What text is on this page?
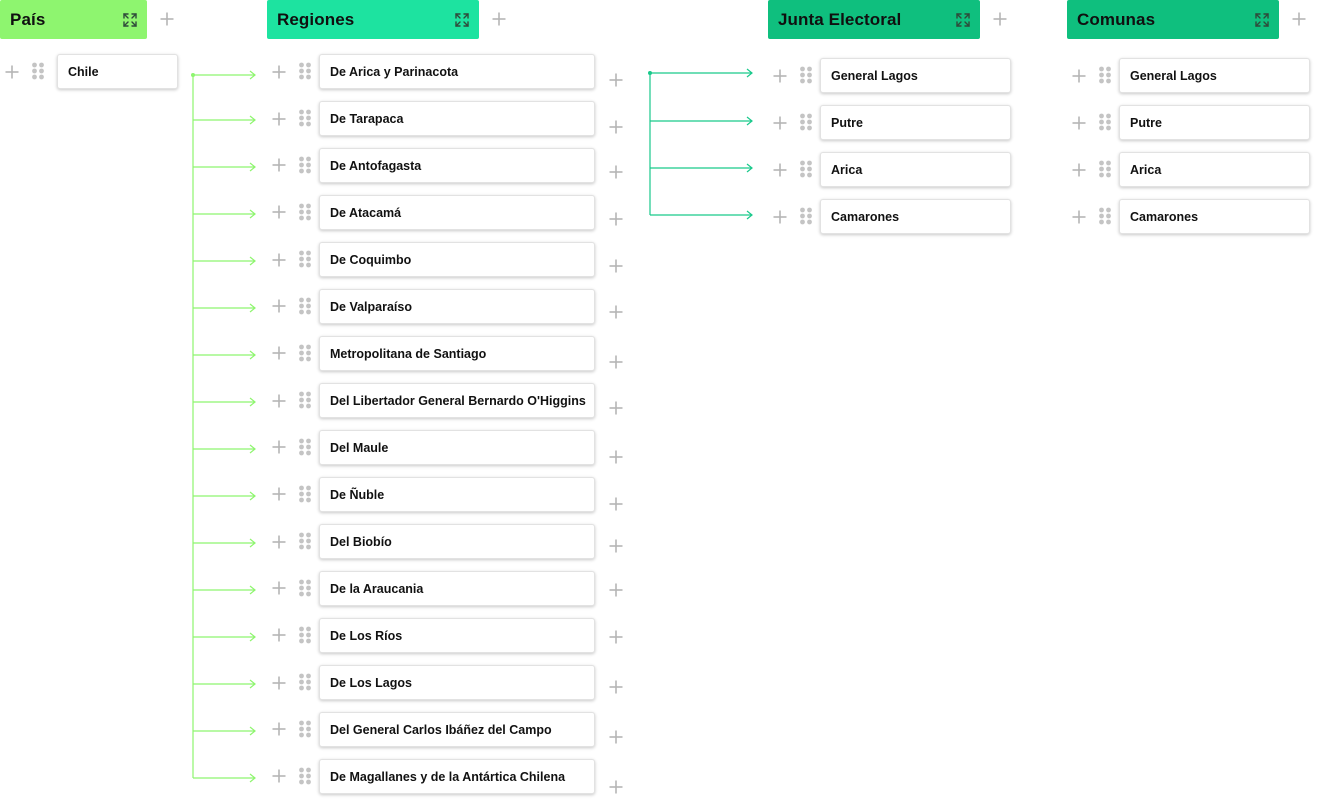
País
Chile
Regiones
De Arica y Parinacota
De Tarapaca
De Antofagasta
De Atacamá
De Coquimbo
De Valparaíso
Metropolitana de Santiago
Del Libertador General Bernardo O'Higgins
Del Maule
De Ñuble
Del Biobío
De la Araucania
De Los Ríos
De Los Lagos
Del General Carlos Ibáñez del Campo
De Magallanes y de la Antártica Chilena
Junta Electoral
General Lagos
Putre
Arica
Camarones
Comunas
General Lagos
Putre
Arica
Camarones
